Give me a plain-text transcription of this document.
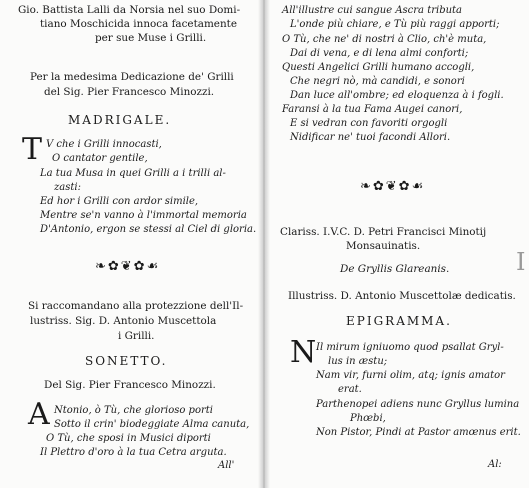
Gio. Battista Lalli da Norsia nel suo Domi-
tiano Moschicida innoca facetamente
per sue Muse i Grilli.
Per la medesima Dedicazione de' Grilli
del Sig. Pier Francesco Minozzi.
MADRIGALE.
T V che i Grilli innocasti,
O cantator gentile,
La tua Musa in quei Grilli a i trilli al-
zasti:
Ed hor i Grilli con ardor simile,
Mentre se'n vanno à l'immortal memoria
D'Antonio, ergon se stessi al Ciel di gloria.
❧✿❦✿☙
Si raccomandano alla protezzione dell'Il-
lustriss. Sig. D. Antonio Muscettola
i Grilli.
SONETTO.
Del Sig. Pier Francesco Minozzi.
A Ntonio, ò Tù, che glorioso porti
Sotto il crin' biodeggiate Alma canuta,
O Tù, che sposi in Musici diporti
Il Plettro d'oro à la tua Cetra arguta.
All'
All'illustre cui sangue Ascra tributa
L'onde più chiare, e Tù più raggi apporti;
O Tù, che ne' di nostri à Clio, ch'è muta,
Dai di vena, e di lena almi conforti;
Questi Angelici Grilli humano accogli,
Che negri nò, mà candidi, e sonori
Dan luce all'ombre; ed eloquenza à i fogli.
Faransi à la tua Fama Augei canori,
E si vedran con favoriti orgogli
Nidificar ne' tuoi facondi Allori.
❧✿❦✿☙
Clariss. I.V.C. D. Petri Francisci Minotij
Monsauinatis.
De Gryllis Glareanis.
Illustriss. D. Antonio Muscettolæ dedicatis.
EPIGRAMMA.
N Il mirum igniuomo quod psallat Gryl-
lus in æstu;
Nam vir, furni olim, atq; ignis amator
erat.
Parthenopei adiens nunc Gryllus lumina
Phœbi,
Non Pistor, Pindi at Pastor amœnus erit.
Al:
I
